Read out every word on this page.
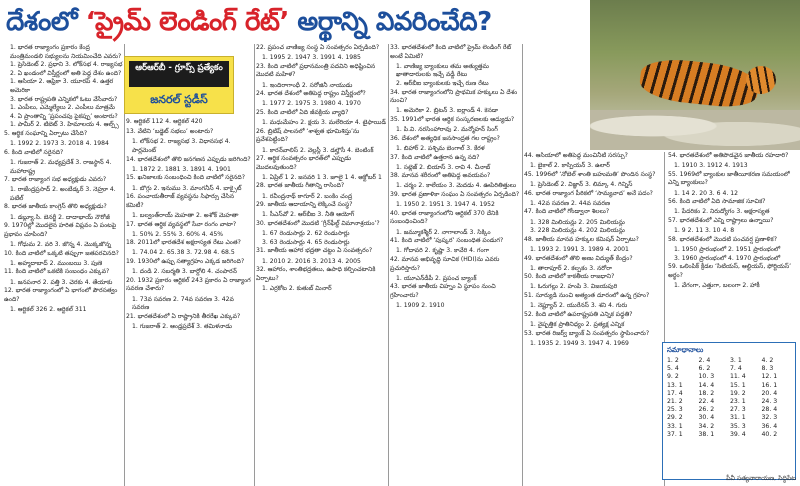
దేశంలో ‘ప్రైమ్ లెండింగ్ రేట్’ అర్థాన్ని వివరించేది?
1. భారత రాజ్యాంగం ప్రకారం కేంద్ర మంత్రిమండలి సభ్యులను నియమించేది ఎవరు?
1. ప్రెసిడెంట్ 2. ప్రధాని 3. లోక్‌సభ 4. రాజ్యసభ
2. ఏ ఖండంలో విస్తీర్ణంలో అతి పెద్ద దేశం ఉంది?
1. ఆసియా 2. ఆఫ్రికా 3. యూరప్ 4. ఉత్తర అమెరికా
3. భారత రాష్ట్రపతి ఎన్నికలో ఓటు వేసేవారు?
1. ఎంపీలు, ఎమ్మెల్యేలు 2. ఎంపీలు మాత్రమే
4. ఏ ప్రాంతాన్ని ‘ప్రపంచపు పైకప్పు’ అంటారు?
1. పామీర్ 2. టిబెట్ 3. హిమాలయ 4. ఆల్ప్స్
5. ఆర్థిక సంఘాన్ని ఏర్పాటు చేసేది?
1. 1992 2. 1973 3. 2018 4. 1984
6. కింది వాటిలో సరైనది?
1. గుజరాత్ 2. మధ్యప్రదేశ్ 3. రాజస్థాన్ 4. మహారాష్ట్ర
7. భారత రాజ్యాంగ సభ అధ్యక్షుడు ఎవరు?
1. రాజేంద్రప్రసాద్ 2. అంబేడ్కర్ 3. నెహ్రూ 4. పటేల్
8. భారత జాతీయ కాంగ్రెస్ తొలి అధ్యక్షుడు?
1. డబ్ల్యూ.సి. బెనర్జీ 2. దాదాభాయ్ నౌరోజీ
9. 1970ల్లో మొదలైన హరిత విప్లవం ఏ పంటపై ప్రభావం చూపింది?
1. గోధుమ 2. వరి 3. జొన్న 4. మొక్కజొన్న
10. కింది వాటిలో ఒక్కటి తప్పుగా జతపరచినది?
1. అహ్మదాబాద్ 2. ముంబయి 3. పుణె
11. కింది వాటిలో ఒకటికి సంబంధం ఎక్కువ?
1. జనపనార 2. పత్తి 3. చెరకు 4. తేయాకు
12. భారత రాజ్యాంగంలో ఏ భాగంలో పౌరసత్వం ఉంది?
1. ఆర్టికల్ 326 2. ఆర్టికల్ 311
9. ఆర్టికల్ 112 4. ఆర్టికల్ 420
13. వేటిని ‘బడ్జెట్ సభలు’ అంటారు?
1. లోక్‌సభ 2. రాజ్యసభ 3. విధానసభ 4. పార్లమెంట్
14. భారతదేశంలో తొలి జనగణన ఎప్పుడు జరిగింది?
1. 1872 2. 1881 3. 1891 4. 1901
15. ఖనిజాలకు సంబంధించి కింది వాటిలో సరైనది?
1. బొగ్గు 2. ఇనుము 3. మాంగనీస్ 4. బాక్సైట్
16. పంచాయతీరాజ్ వ్యవస్థను సిఫార్సు చేసిన కమిటీ?
1. బల్వంత్‌రాయ్ మెహతా 2. అశోక్ మెహతా
17. భారత ఆర్థిక వ్యవస్థలో సేవా రంగం వాటా?
1. 50% 2. 55% 3. 60% 4. 45%
18. 2011లో భారతదేశ అక్షరాస్యత రేటు ఎంత?
1. 74.04 2. 65.38 3. 72.98 4. 68.5
19. 1930లో ఉప్పు సత్యాగ్రహం ఎక్కడ జరిగింది?
1. దండి 2. సబర్మతి 3. బార్డోలి 4. చంపారన్
20. 1932 ప్రకారం ఆర్టికల్ 243 ప్రకారం ఏ రాజ్యాంగ సవరణ చేశారు?
1. 73వ సవరణ 2. 74వ సవరణ 3. 42వ సవరణ
21. భారతదేశంలో ఏ రాష్ట్రానికి తీరరేఖ ఎక్కువ?
1. గుజరాత్ 2. ఆంధ్రప్రదేశ్ 3. తమిళనాడు
22. ప్రపంచ వాణిజ్య సంస్థ ఏ సంవత్సరం ఏర్పడింది?
1. 1995 2. 1947 3. 1991 4. 1985
23. కింది వాటిలో ప్రధానమంత్రి పదవిని అధిష్టించిన మొదటి మహిళ?
1. ఇందిరాగాంధీ 2. సరోజినీ నాయుడు
24. భారత దేశంలో అతిపెద్ద రాష్ట్రం విస్తీర్ణంలో?
1. 1977 2. 1975 3. 1980 4. 1970
25. కింది వాటిలో ఏది జీవక్రియ వ్యాధి?
1. మధుమేహం 2. క్షయ 3. మలేరియా 4. టైఫాయిడ్
26. బ్రిటిష్ పాలనలో ‘శాశ్వత భూమిశిస్తు’ను ప్రవేశపెట్టింది?
1. కారన్‌వాలిస్ 2. వెల్లస్లీ 3. డల్హౌసీ 4. బెంటింక్
27. ఆర్థిక సంవత్సరం భారత్‌లో ఎప్పుడు మొదలవుతుంది?
1. ఏప్రిల్ 1 2. జనవరి 1 3. జూలై 1 4. అక్టోబర్ 1
28. భారత జాతీయ గీతాన్ని రాసింది?
1. రవీంద్రనాథ్ ఠాగూర్ 2. బంకిం చంద్ర
29. జాతీయ ఆదాయాన్ని లెక్కించే సంస్థ?
1. సీఎస్‌వో 2. ఆర్‌బీఐ 3. నీతి ఆయోగ్
30. భారతదేశంలో మొదటి ‘గ్రీన్‌ఫీల్డ్ విమానాశ్రయం’?
1. 67 రెండుసార్లు 2. 62 రెండుసార్లు
3. 63 రెండుసార్లు 4. 65 రెండుసార్లు
31. జాతీయ ఆహార భద్రతా చట్టం ఏ సంవత్సరం?
1. 2010 2. 2016 3. 2013 4. 2005
32. ఆహారం, శాంతిభద్రతలు, ఉపాధి కల్పించటానికి ఏర్పాటు?
1. ఎర్రకోట 2. కుతుబ్ మినార్
33. భారతదేశంలో కింది వాటిలో ప్రైమ్ లెండింగ్ రేట్ అంటే ఏమిటి?
1. వాణిజ్య బ్యాంకులు తమ అత్యుత్తమ ఖాతాదారులకు ఇచ్చే వడ్డీ రేటు
2. ఆర్‌బీఐ బ్యాంకులకు ఇచ్చే రుణ రేటు
34. భారత రాజ్యాంగంలోని ప్రాథమిక హక్కులు ఏ దేశం నుంచి?
1. అమెరికా 2. బ్రిటన్ 3. ఐర్లాండ్ 4. కెనడా
35. 1991లో భారత ఆర్థిక సంస్కరణలకు ఆద్యుడు?
1. పి.వి. నరసింహారావు 2. మన్మోహన్ సింగ్
36. దేశంలో అత్యధిక జనసాంద్రత గల రాష్ట్రం?
1. బిహార్ 2. పశ్చిమ బెంగాల్ 3. కేరళ
37. కింది వాటిలో ఉత్తరాన ఉన్న నది?
1. సట్లెజ్ 2. బియాస్ 3. రావి 4. చీనాబ్
38. మానవ శరీరంలో అతిపెద్ద అవయవం?
1. చర్మం 2. కాలేయం 3. మెదడు 4. ఊపిరితిత్తులు
39. భారత ప్రణాళికా సంఘం ఏ సంవత్సరం ఏర్పడింది?
1. 1950 2. 1951 3. 1947 4. 1952
40. భారత రాజ్యాంగంలోని ఆర్టికల్ 370 దేనికి సంబంధించింది?
1. జమ్మూకశ్మీర్ 2. నాగాలాండ్ 3. సిక్కిం
41. కింది వాటిలో ‘పుష్కర’ సంబంధిత పండుగ?
1. గోదావరి 2. కృష్ణా 3. కావేరి 4. గంగా
42. మానవ అభివృద్ధి సూచిక (HDI)ను ఎవరు ప్రచురిస్తారు?
1. యూఎన్‌డీపీ 2. ప్రపంచ బ్యాంక్
43. భారత జాతీయ చిహ్నం ఏ స్థూపం నుంచి గ్రహించారు?
1. 1909 2. 1910
44. ఆసియాలో అతిపెద్ద మంచినీటి సరస్సు?
1. బైకాల్ 2. కాస్పియన్ 3. ఉలార్
45. 1996లో ‘నోబెల్ శాంతి బహుమతి’ పొందిన సంస్థ?
1. ప్రెసిడెంట్ 2. విజ్ఞాన్ 3. లిమ్కా 4. గిన్నిస్
46. భారత రాజ్యాంగ పీఠికలో ‘సామ్యవాద’ అనే పదం?
1. 42వ సవరణ 2. 44వ సవరణ
47. కింది వాటిలో గోండ్వానా శిలలు?
1. 328 మిలియన్లు 2. 205 మిలియన్లు
3. 228 మిలియన్లు 4. 202 మిలియన్లు
48. జాతీయ మానవ హక్కుల కమిషన్ ఏర్పాటు?
1. 1993 2. 1991 3. 1989 4. 2001
49. భారతదేశంలో తొలి అణు విద్యుత్ కేంద్రం?
1. తారాపూర్ 2. కల్పకం 3. నరోరా
50. కింది వాటిలో కాకతీయ రాజధాని?
1. ఓరుగల్లు 2. హంపి 3. విజయపురి
51. సూర్యుడి నుంచి అత్యంత దూరంలో ఉన్న గ్రహం?
1. నెప్ట్యూన్ 2. యురేనస్ 3. శని 4. గురు
52. కింది వాటిలో ఉపరాష్ట్రపతి ఎన్నిక పద్ధతి?
1. నైష్పత్తిక ప్రాతినిధ్యం 2. ప్రత్యక్ష ఎన్నిక
53. భారత రిజర్వ్ బ్యాంక్ ఏ సంవత్సరం స్థాపించారు?
1. 1935 2. 1949 3. 1947 4. 1969
54. భారతదేశంలో అతిపొడవైన జాతీయ రహదారి?
1. 1910 3. 1912 4. 1913
55. 1969లో బ్యాంకుల జాతీయీకరణ సమయంలో ఎన్ని బ్యాంకులు?
1. 14 2. 20 3. 6 4. 12
56. కింది వాటిలో ఏది సామాజిక సూచిక?
1. పేదరికం 2. నిరుద్యోగం 3. అక్షరాస్యత
57. భారతదేశంలో ఎన్ని రాష్ట్రాలు ఉన్నాయి?
1. 9 2. 11 3. 10 4. 8
58. భారతదేశంలో మొదటి పంచవర్ష ప్రణాళిక?
1. 1950 ప్రారంభంలో 2. 1951 ప్రారంభంలో
3. 1960 ప్రారంభంలో 4. 1970 ప్రారంభంలో
59. ఒలింపిక్ క్రీడల ‘సిటియస్, ఆల్టియస్, ఫోర్టియస్’ అర్థం?
1. వేగంగా, ఎత్తుగా, బలంగా 2. హాకీ
ఆర్ఆర్‌బీ - గ్రూప్స్ ప్రత్యేకం
జనరల్ స్టడీస్
సమాధానాలు
1. 2	2. 4	3. 1	4. 2
5. 4	6. 2	7. 4	8. 3
9. 2	10. 3	11. 4	12. 1
13. 1	14. 4	15. 1	16. 1
17. 4	18. 2	19. 2	20. 4
21. 2	22. 4	23. 1	24. 3
25. 3	26. 2	27. 3	28. 4
29. 2	30. 4	31. 1	32. 3
33. 1	34. 2	35. 3	36. 4
37. 1	38. 1	39. 4	40. 2
పీవీ సత్యనారాయణ, సిద్ధిపేట
